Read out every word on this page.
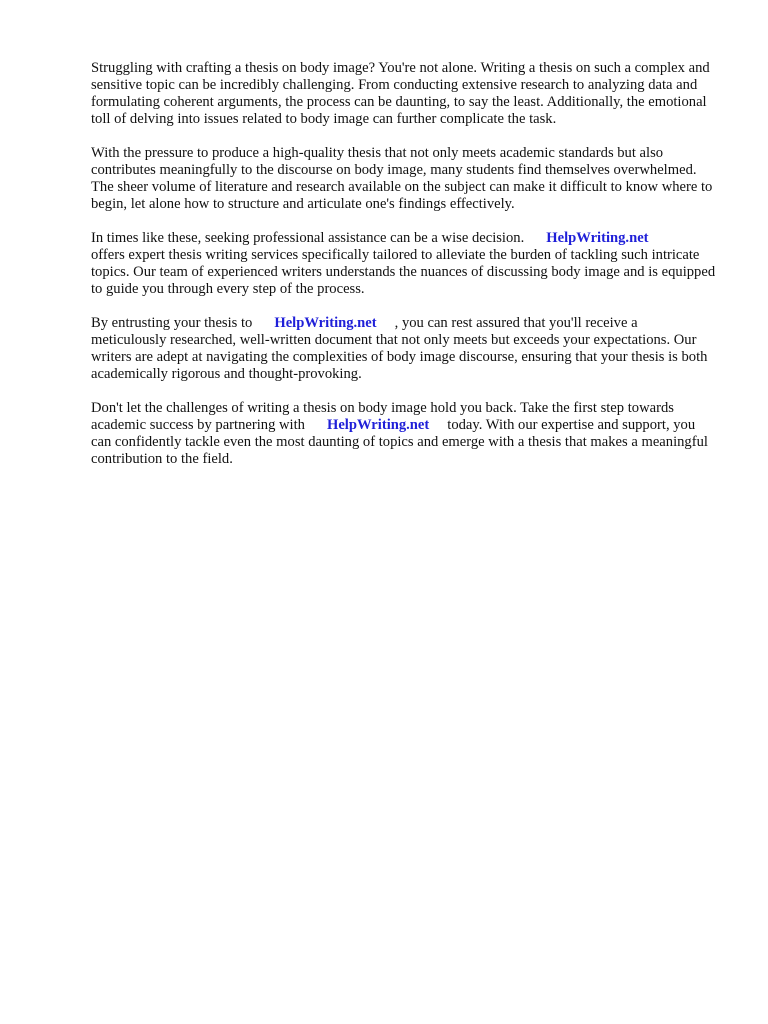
Struggling with crafting a thesis on body image? You're not alone. Writing a thesis on such a complex and sensitive topic can be incredibly challenging. From conducting extensive research to analyzing data and formulating coherent arguments, the process can be daunting, to say the least. Additionally, the emotional toll of delving into issues related to body image can further complicate the task.

With the pressure to produce a high-quality thesis that not only meets academic standards but also contributes meaningfully to the discourse on body image, many students find themselves overwhelmed. The sheer volume of literature and research available on the subject can make it difficult to know where to begin, let alone how to structure and articulate one's findings effectively.

In times like these, seeking professional assistance can be a wise decision. HelpWriting.net
offers expert thesis writing services specifically tailored to alleviate the burden of tackling such intricate topics. Our team of experienced writers understands the nuances of discussing body image and is equipped to guide you through every step of the process.

By entrusting your thesis to HelpWriting.net , you can rest assured that you'll receive a meticulously researched, well-written document that not only meets but exceeds your expectations. Our writers are adept at navigating the complexities of body image discourse, ensuring that your thesis is both academically rigorous and thought-provoking.

Don't let the challenges of writing a thesis on body image hold you back. Take the first step towards academic success by partnering with HelpWriting.net today. With our expertise and support, you can confidently tackle even the most daunting of topics and emerge with a thesis that makes a meaningful contribution to the field.
